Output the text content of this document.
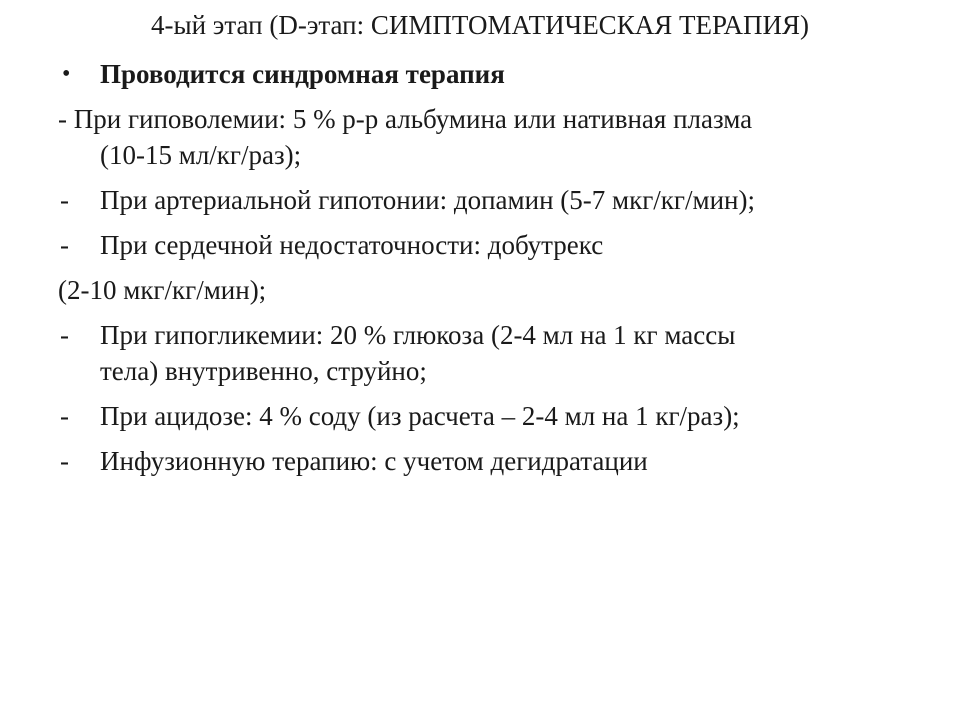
4-ый этап (D-этап: СИМПТОМАТИЧЕСКАЯ ТЕРАПИЯ)
•	Проводится синдромная терапия
- При гиповолемии: 5 % р-р альбумина или нативная плазма
(10-15 мл/кг/раз);
-	При артериальной гипотонии: допамин (5-7 мкг/кг/мин);
-	При сердечной недостаточности: добутрекс
(2-10 мкг/кг/мин);
-	При гипогликемии: 20 % глюкоза (2-4 мл на 1 кг массы
тела) внутривенно, струйно;
-	При ацидозе: 4 % соду (из расчета – 2-4 мл на 1 кг/раз);
-	Инфузионную терапию: с учетом дегидратации
